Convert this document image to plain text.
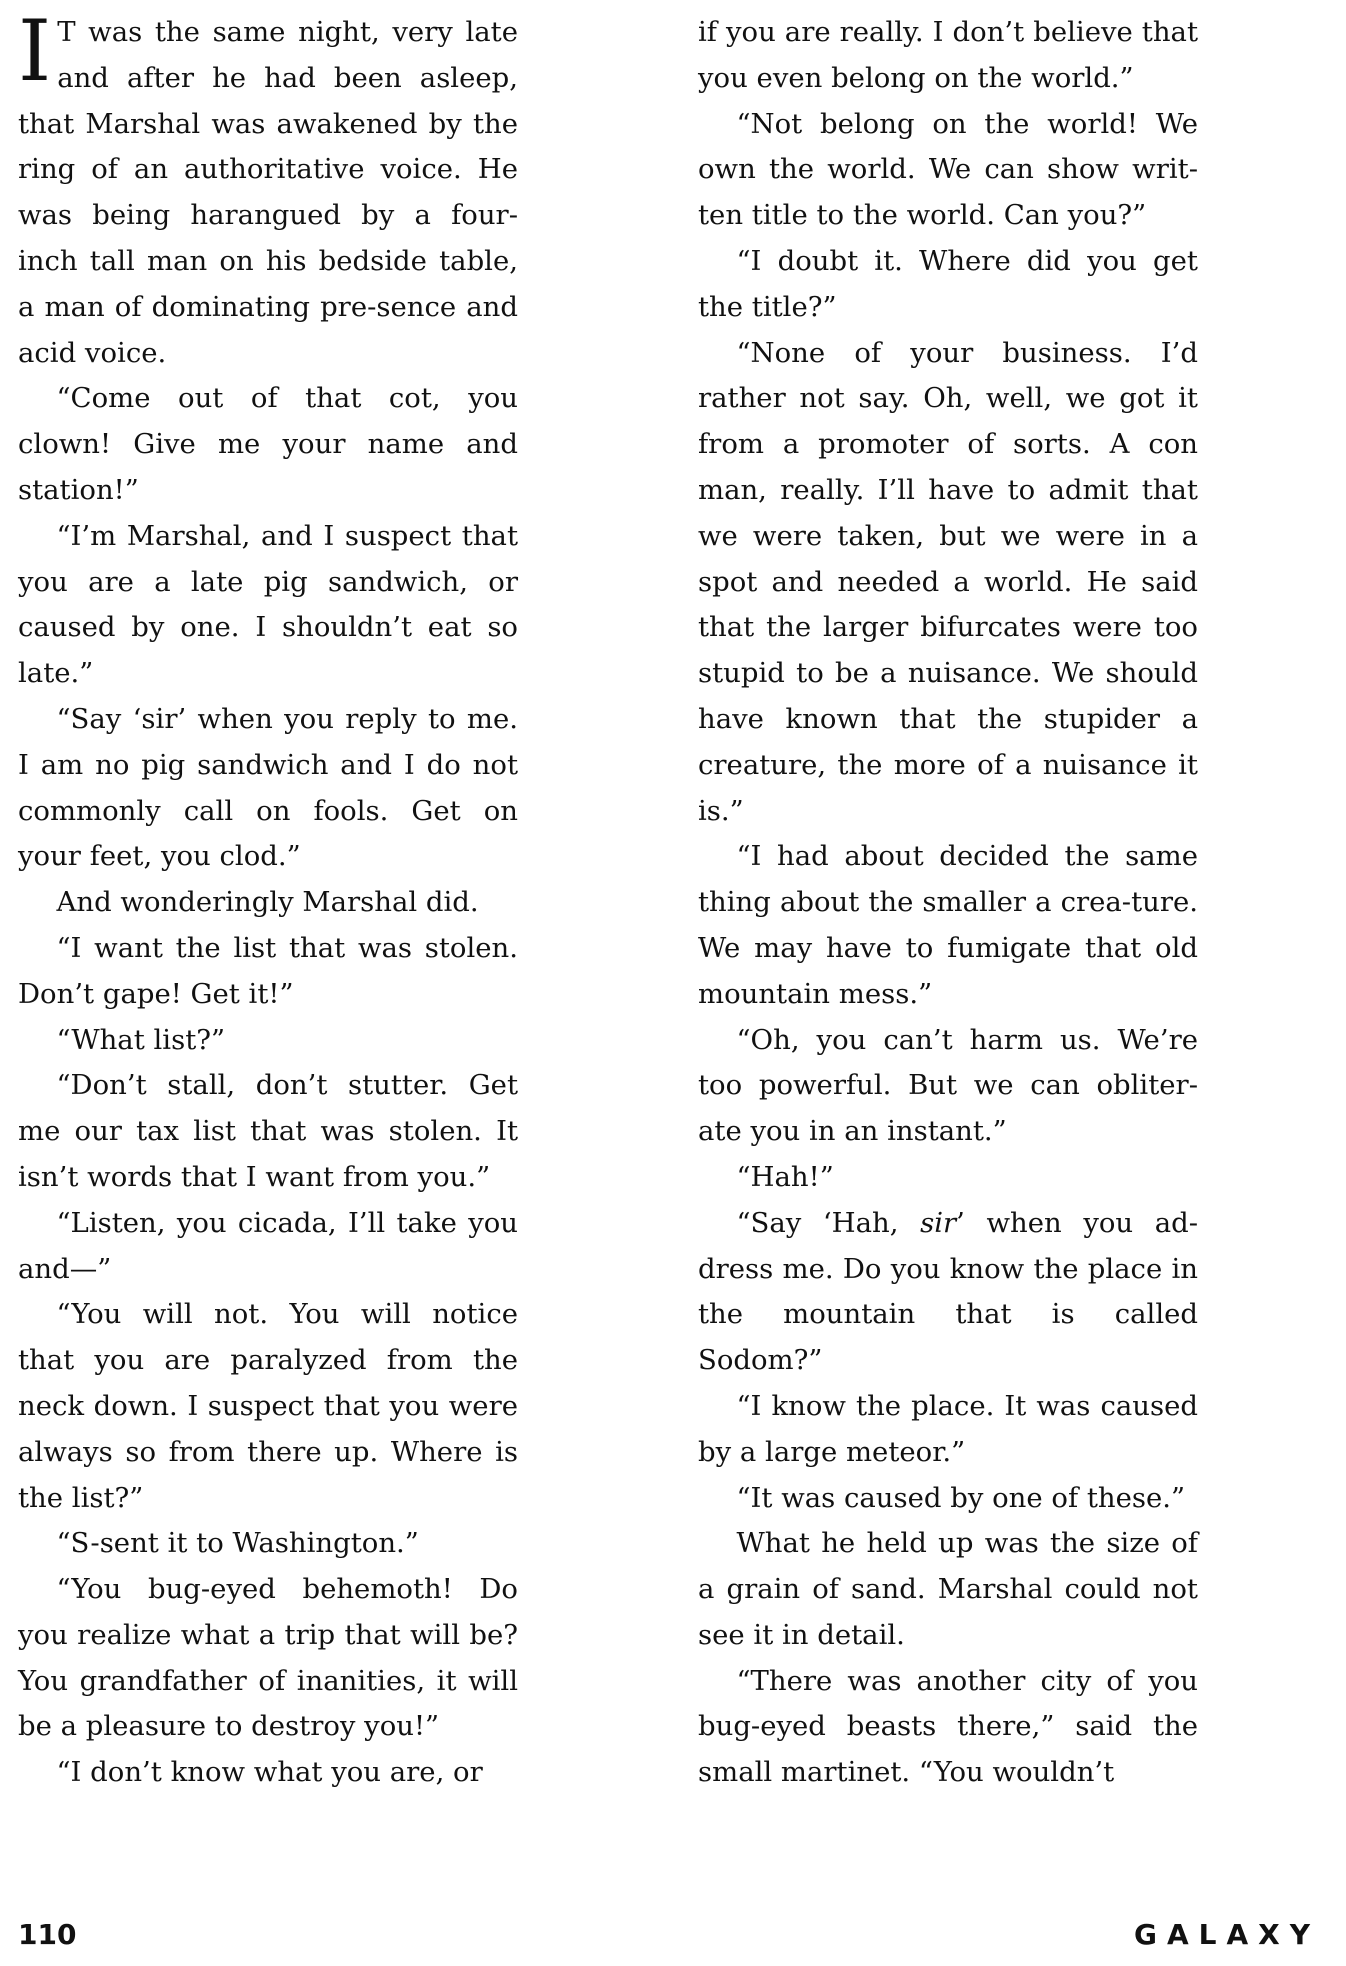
I T was the same night, very late and after he had been asleep, that Marshal was awakened by the ring of an authoritative voice. He was being harangued by a four-inch tall man on his bedside table, a man of dominating pre-sence and acid voice.

“Come out of that cot, you clown! Give me your name and station!”

“I’m Marshal, and I suspect that you are a late pig sandwich, or caused by one. I shouldn’t eat so late.”

“Say ‘sir’ when you reply to me. I am no pig sandwich and I do not commonly call on fools. Get on your feet, you clod.”

And wonderingly Marshal did.

“I want the list that was stolen. Don’t gape! Get it!”

“What list?”

“Don’t stall, don’t stutter. Get me our tax list that was stolen. It isn’t words that I want from you.”

“Listen, you cicada, I’ll take you and—”

“You will not. You will notice that you are paralyzed from the neck down. I suspect that you were always so from there up. Where is the list?”

“S-sent it to Washington.”

“You bug-eyed behemoth! Do you realize what a trip that will be? You grandfather of inanities, it will be a pleasure to destroy you!”

“I don’t know what you are, or

if you are really. I don’t believe that you even belong on the world.”

“Not belong on the world! We own the world. We can show writ-ten title to the world. Can you?”

“I doubt it. Where did you get the title?”

“None of your business. I’d rather not say. Oh, well, we got it from a promoter of sorts. A con man, really. I’ll have to admit that we were taken, but we were in a spot and needed a world. He said that the larger bifurcates were too stupid to be a nuisance. We should have known that the stupider a creature, the more of a nuisance it is.”

“I had about decided the same thing about the smaller a crea-ture. We may have to fumigate that old mountain mess.”

“Oh, you can’t harm us. We’re too powerful. But we can obliter-ate you in an instant.”

“Hah!”

“Say ‘Hah, sir’ when you ad-dress me. Do you know the place in the mountain that is called Sodom?”

“I know the place. It was caused by a large meteor.”

“It was caused by one of these.”

What he held up was the size of a grain of sand. Marshal could not see it in detail.

“There was another city of you bug-eyed beasts there,” said the small martinet. “You wouldn’t

110	GALAXY
